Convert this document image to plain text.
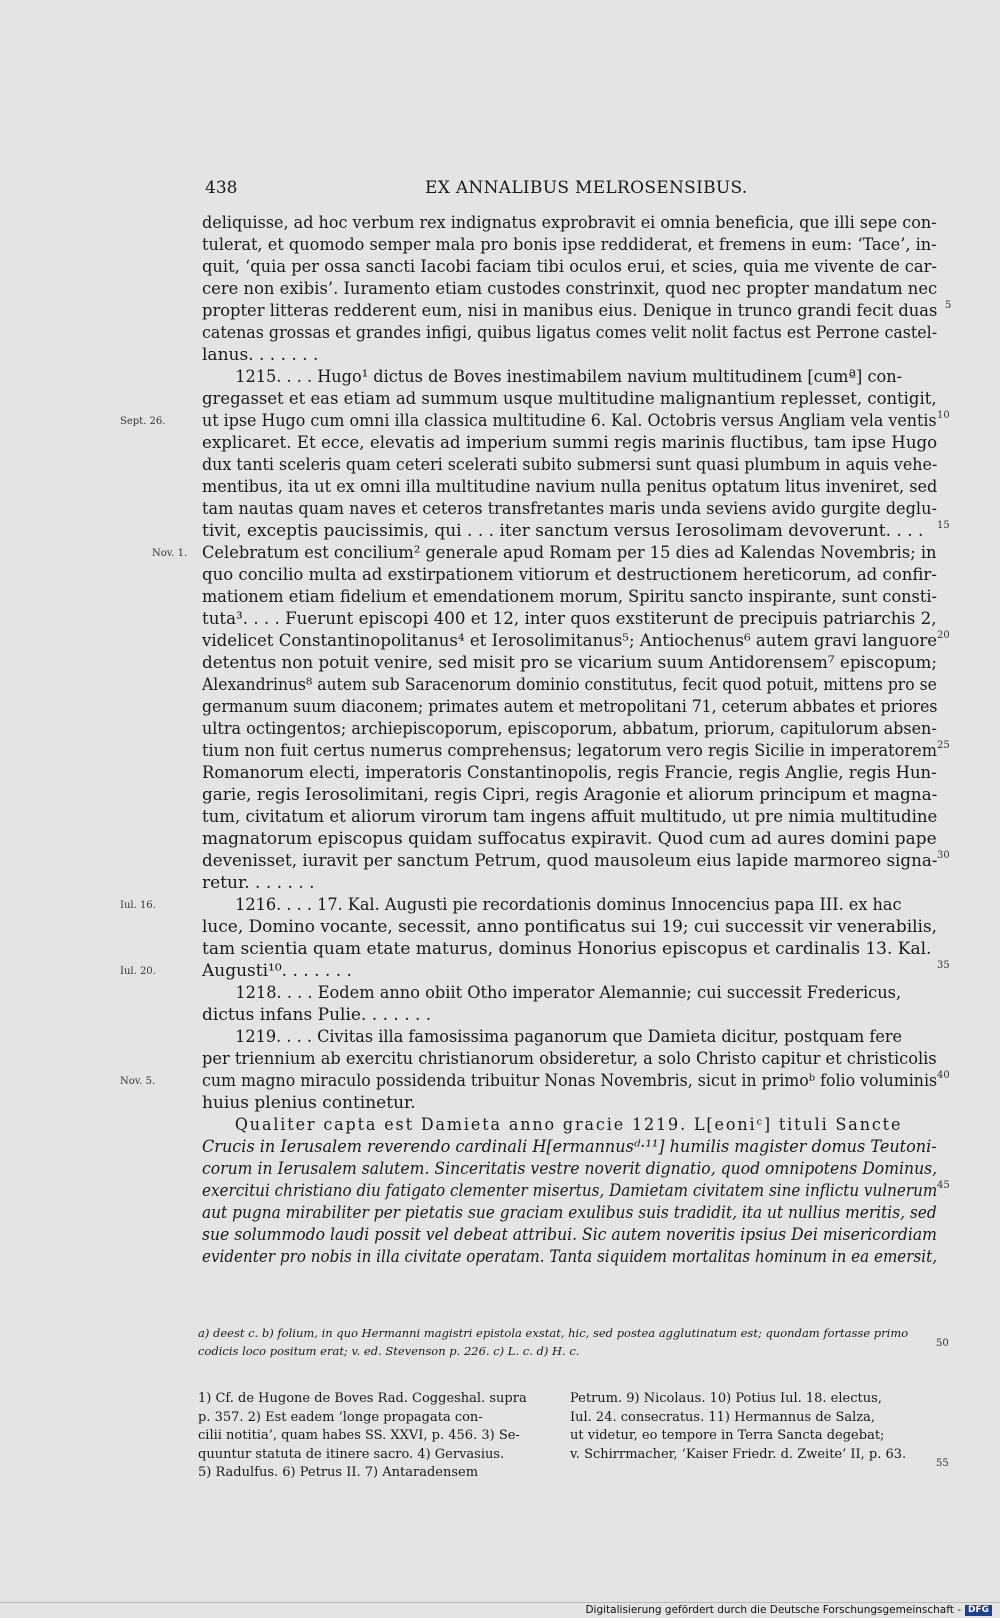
438	EX ANNALIBUS MELROSENSIBUS.
deliquisse, ad hoc verbum rex indignatus exprobravit ei omnia beneficia, que illi sepe con-
tulerat, et quomodo semper mala pro bonis ipse reddiderat, et fremens in eum: ‘Tace’, in-
quit, ‘quia per ossa sancti Iacobi faciam tibi oculos erui, et scies, quia me vivente de car-
cere non exibis’. Iuramento etiam custodes constrinxit, quod nec propter mandatum nec
propter litteras redderent eum, nisi in manibus eius. Denique in trunco grandi fecit duas
catenas grossas et grandes infigi, quibus ligatus comes velit nolit factus est Perrone castel-
lanus. . . . . . .
1215. . . . Hugo¹ dictus de Boves inestimabilem navium multitudinem [cumª] con-
gregasset et eas etiam ad summum usque multitudine malignantium replesset, contigit,
ut ipse Hugo cum omni illa classica multitudine 6. Kal. Octobris versus Angliam vela ventis
explicaret. Et ecce, elevatis ad imperium summi regis marinis fluctibus, tam ipse Hugo
dux tanti sceleris quam ceteri scelerati subito submersi sunt quasi plumbum in aquis vehe-
mentibus, ita ut ex omni illa multitudine navium nulla penitus optatum litus inveniret, sed
tam nautas quam naves et ceteros transfretantes maris unda seviens avido gurgite deglu-
tivit, exceptis paucissimis, qui . . . iter sanctum versus Ierosolimam devoverunt. . . .
Celebratum est concilium² generale apud Romam per 15 dies ad Kalendas Novembris; in
quo concilio multa ad exstirpationem vitiorum et destructionem hereticorum, ad confir-
mationem etiam fidelium et emendationem morum, Spiritu sancto inspirante, sunt consti-
tuta³. . . . Fuerunt episcopi 400 et 12, inter quos exstiterunt de precipuis patriarchis 2,
videlicet Constantinopolitanus⁴ et Ierosolimitanus⁵; Antiochenus⁶ autem gravi languore
detentus non potuit venire, sed misit pro se vicarium suum Antidorensem⁷ episcopum;
Alexandrinus⁸ autem sub Saracenorum dominio constitutus, fecit quod potuit, mittens pro se
germanum suum diaconem; primates autem et metropolitani 71, ceterum abbates et priores
ultra octingentos; archiepiscoporum, episcoporum, abbatum, priorum, capitulorum absen-
tium non fuit certus numerus comprehensus; legatorum vero regis Sicilie in imperatorem
Romanorum electi, imperatoris Constantinopolis, regis Francie, regis Anglie, regis Hun-
garie, regis Ierosolimitani, regis Cipri, regis Aragonie et aliorum principum et magna-
tum, civitatum et aliorum virorum tam ingens affuit multitudo, ut pre nimia multitudine
magnatorum episcopus quidam suffocatus expiravit. Quod cum ad aures domini pape
devenisset, iuravit per sanctum Petrum, quod mausoleum eius lapide marmoreo signa-
retur. . . . . . .
1216. . . . 17. Kal. Augusti pie recordationis dominus Innocencius papa III. ex hac
luce, Domino vocante, secessit, anno pontificatus sui 19; cui successit vir venerabilis,
tam scientia quam etate maturus, dominus Honorius episcopus et cardinalis 13. Kal.
Augusti¹⁰. . . . . . .
1218. . . . Eodem anno obiit Otho imperator Alemannie; cui successit Fredericus,
dictus infans Pulie. . . . . . .
1219. . . . Civitas illa famosissima paganorum que Damieta dicitur, postquam fere
per triennium ab exercitu christianorum obsideretur, a solo Christo capitur et christicolis
cum magno miraculo possidenda tribuitur Nonas Novembris, sicut in primoᵇ folio voluminis
huius plenius continetur.
Qualiter capta est Damieta anno gracie 1219. L[eoniᶜ] tituli Sancte
Crucis in Ierusalem reverendo cardinali H[ermannusᵈ·¹¹] humilis magister domus Teutoni-
corum in Ierusalem salutem. Sinceritatis vestre noverit dignatio, quod omnipotens Dominus,
exercitui christiano diu fatigato clementer misertus, Damietam civitatem sine inflictu vulnerum
aut pugna mirabiliter per pietatis sue graciam exulibus suis tradidit, ita ut nullius meritis, sed
sue solummodo laudi possit vel debeat attribui. Sic autem noveritis ipsius Dei misericordiam
evidenter pro nobis in illa civitate operatam. Tanta siquidem mortalitas hominum in ea emersit,
Sept. 26.
Nov. 1.
Iul. 16.
Iul. 20.
Nov. 5.
5
10
15
20
25
30
35
40
45
a) deest c. b) folium, in quo Hermanni magistri epistola exstat, hic, sed postea agglutinatum est; quondam fortasse primo
codicis loco positum erat; v. ed. Stevenson p. 226. c) L. c. d) H. c.
50
1) Cf. de Hugone de Boves Rad. Coggeshal. supra
p. 357. 2) Est eadem ‘longe propagata con-
cilii notitia’, quam habes SS. XXVI, p. 456. 3) Se-
quuntur statuta de itinere sacro. 4) Gervasius.
5) Radulfus. 6) Petrus II. 7) Antaradensem
Petrum. 9) Nicolaus. 10) Potius Iul. 18. electus,
Iul. 24. consecratus. 11) Hermannus de Salza,
ut videtur, eo tempore in Terra Sancta degebat;
v. Schirrmacher, ‘Kaiser Friedr. d. Zweite’ II, p. 63.
55
Digitalisierung gefördert durch die Deutsche Forschungsgemeinschaft - DFG
